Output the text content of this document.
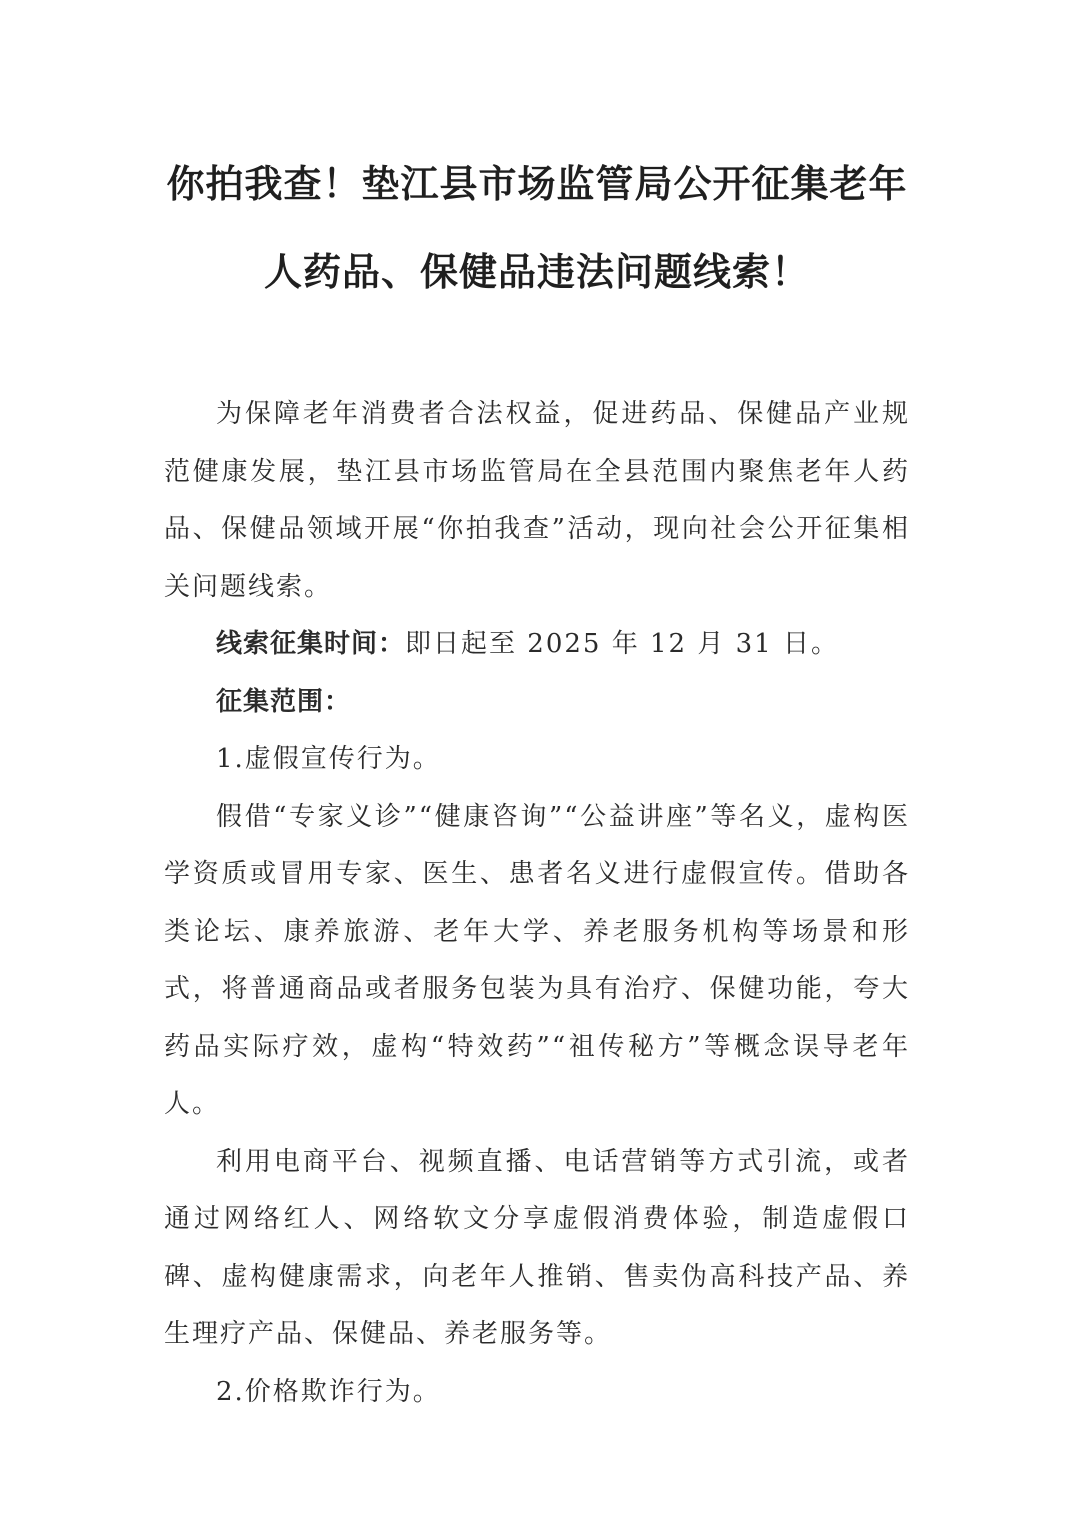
你拍我查！垫江县市场监管局公开征集老年
人药品、保健品违法问题线索！

为保障老年消费者合法权益，促进药品、保健品产业规范健康发展，垫江县市场监管局在全县范围内聚焦老年人药品、保健品领域开展“你拍我查”活动，现向社会公开征集相关问题线索。

线索征集时间：即日起至 2025 年 12 月 31 日。

征集范围：

1.虚假宣传行为。

假借“专家义诊”“健康咨询”“公益讲座”等名义，虚构医学资质或冒用专家、医生、患者名义进行虚假宣传。借助各类论坛、康养旅游、老年大学、养老服务机构等场景和形式，将普通商品或者服务包装为具有治疗、保健功能，夸大药品实际疗效，虚构“特效药”“祖传秘方”等概念误导老年人。

利用电商平台、视频直播、电话营销等方式引流，或者通过网络红人、网络软文分享虚假消费体验，制造虚假口碑、虚构健康需求，向老年人推销、售卖伪高科技产品、养生理疗产品、保健品、养老服务等。

2.价格欺诈行为。
